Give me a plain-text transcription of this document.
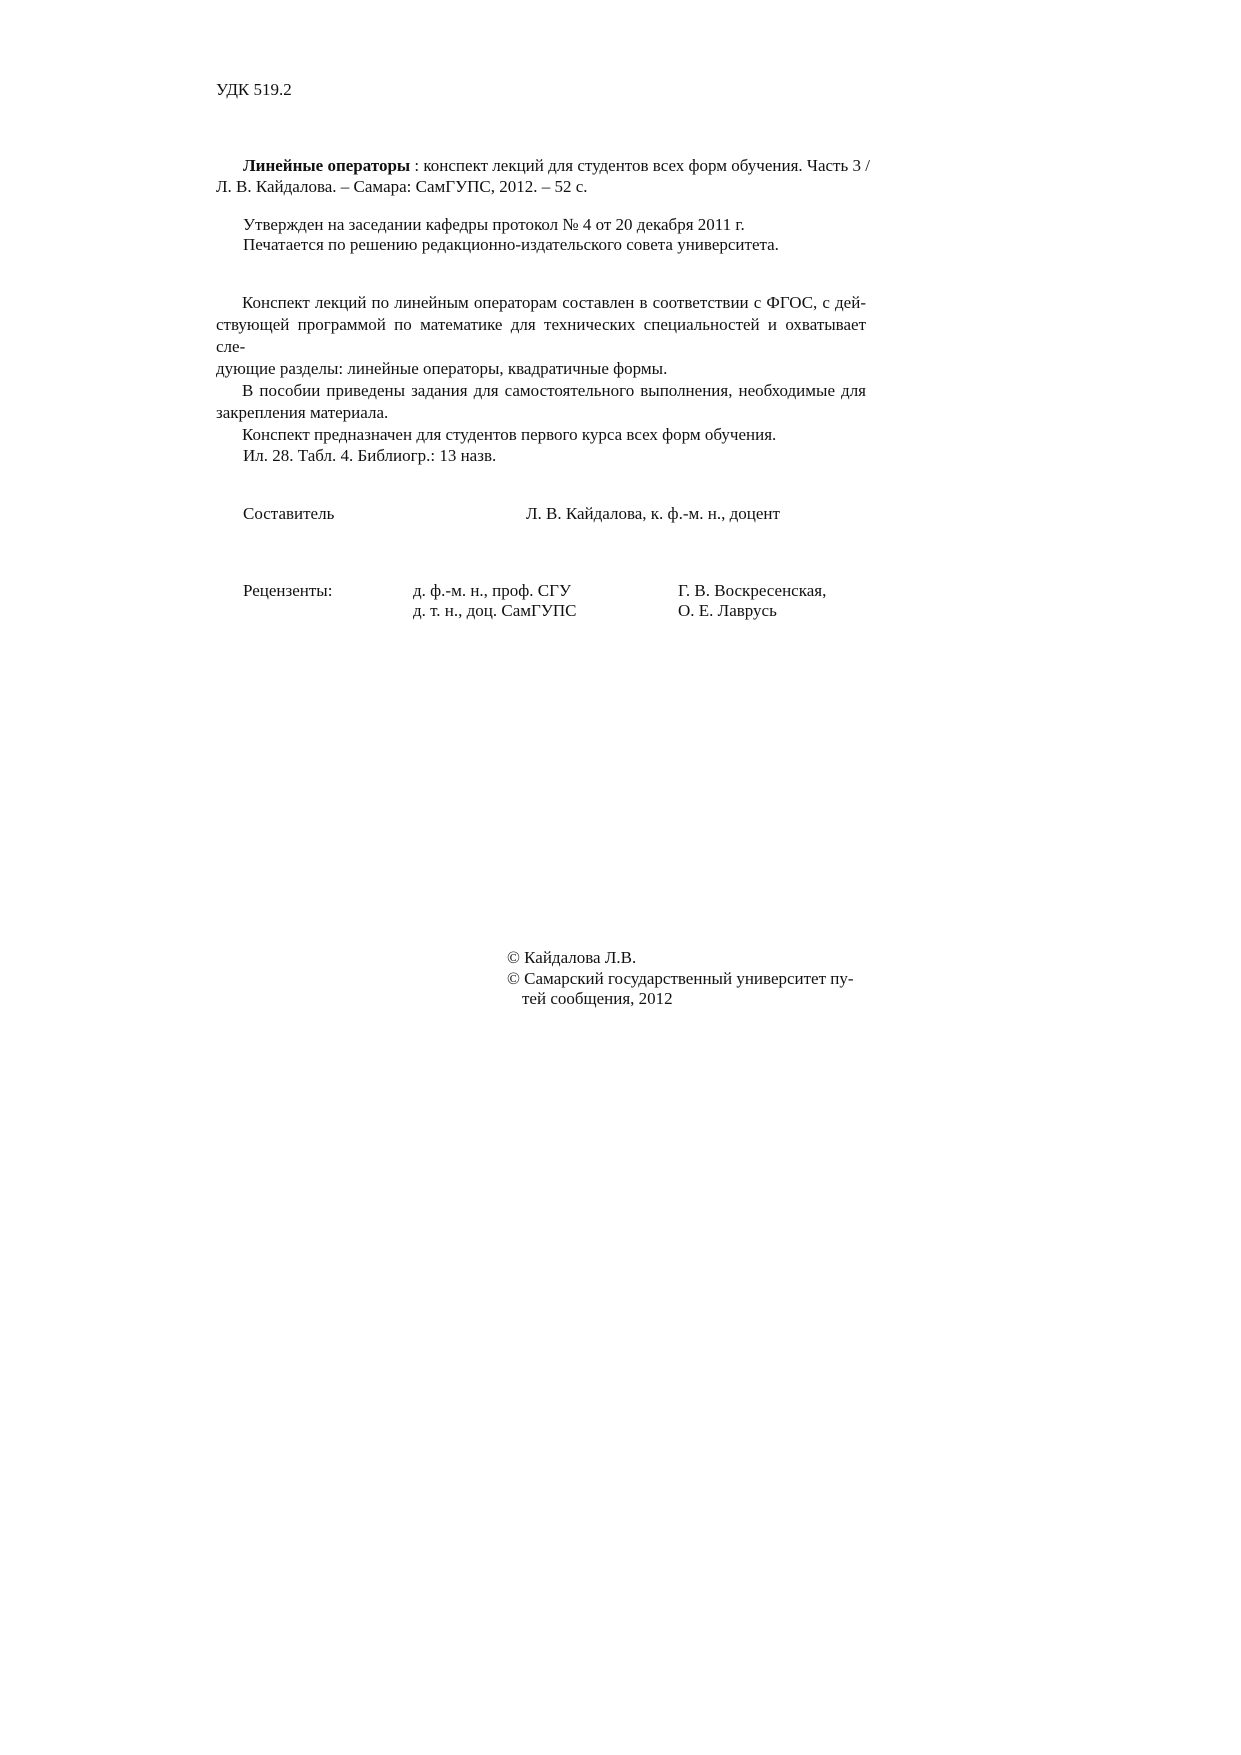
УДК 519.2
Линейные операторы : конспект лекций для студентов всех форм обучения. Часть 3 /
Л. В. Кайдалова. – Самара: СамГУПС, 2012. – 52 с.
Утвержден на заседании кафедры протокол № 4 от 20 декабря 2011 г.
Печатается по решению редакционно-издательского совета университета.
Конспект лекций по линейным операторам составлен в соответствии с ФГОС, с дей-
ствующей программой по математике для технических специальностей и охватывает сле-
дующие разделы: линейные операторы, квадратичные формы.
В пособии приведены задания для самостоятельного выполнения, необходимые для
закрепления материала.
Конспект предназначен для студентов первого курса всех форм обучения.
Ил. 28. Табл. 4. Библиогр.: 13 назв.
Составитель	Л. В. Кайдалова, к. ф.-м. н., доцент
Рецензенты:	д. ф.-м. н., проф. СГУ	Г. В. Воскресенская,
д. т. н., доц. СамГУПС	О. Е. Лаврусь
© Кайдалова Л.В.
© Самарский государственный университет пу-
тей сообщения, 2012
